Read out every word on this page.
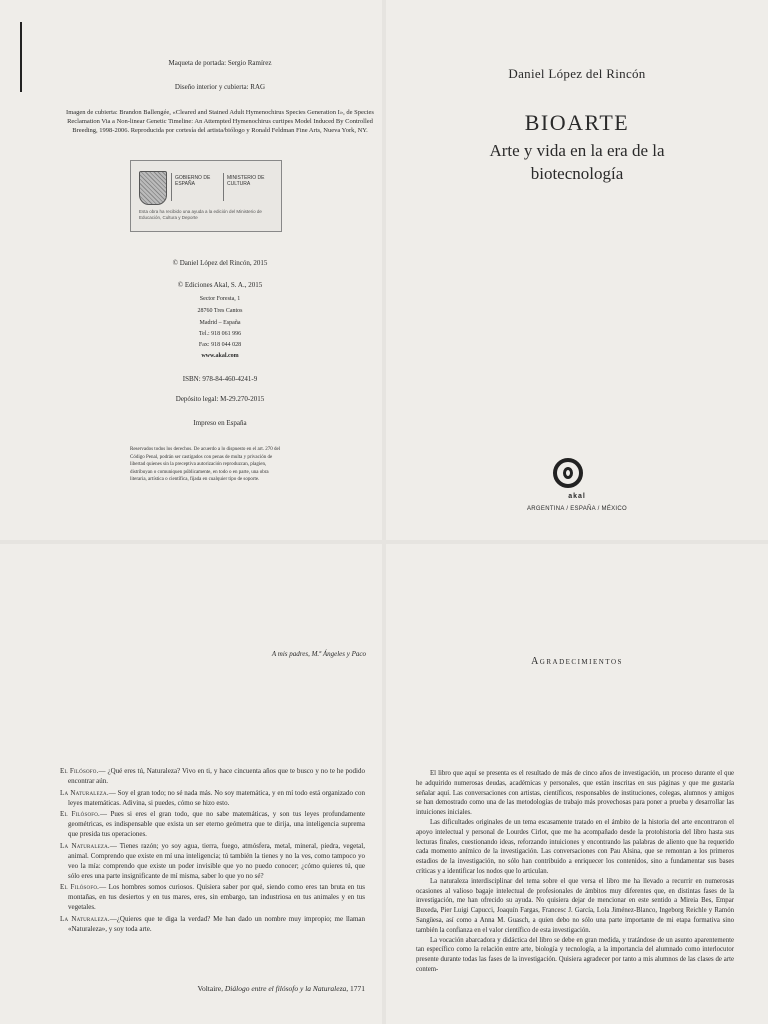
Maqueta de portada: Sergio Ramírez
Diseño interior y cubierta: RAG
Imagen de cubierta: Brandon Ballengée, «Cleared and Stained Adult Hymenochirus Species Generation I», de Species Reclamation Via a Non-linear Genetic Timeline: An Attempted Hymenochirus curtipes Model Induced By Controlled Breeding, 1998-2006. Reproducida por cortesía del artista/biólogo y Ronald Feldman Fine Arts, Nueva York, NY.
GOBIERNO DE ESPAÑA
MINISTERIO DE CULTURA
Esta obra ha recibido una ayuda a la edición del Ministerio de Educación, Cultura y Deporte
© Daniel López del Rincón, 2015
© Ediciones Akal, S. A., 2015
Sector Foresta, 1
28760 Tres Cantos
Madrid – España
Tel.: 918 061 996
Fax: 918 044 028
www.akal.com
ISBN: 978-84-460-4241-9
Depósito legal: M-29.270-2015
Impreso en España
Reservados todos los derechos. De acuerdo a lo dispuesto en el art. 270 del Código Penal, podrán ser castigados con penas de multa y privación de libertad quienes sin la preceptiva autorización reproduzcan, plagien, distribuyan o comuniquen públicamente, en todo o en parte, una obra literaria, artística o científica, fijada en cualquier tipo de soporte.
Daniel López del Rincón
BIOARTE
Arte y vida en la era de la
biotecnología
akal
ARGENTINA / ESPAÑA / MÉXICO
A mis padres, M.ª Ángeles y Paco

El Filósofo.— ¿Qué eres tú, Naturaleza? Vivo en ti, y hace cincuenta años que te busco y no te he podido encontrar aún.

La Naturaleza.— Soy el gran todo; no sé nada más. No soy matemática, y en mí todo está organizado con leyes matemáticas. Adivina, si puedes, cómo se hizo esto.

El Filósofo.— Pues si eres el gran todo, que no sabe matemáticas, y son tus leyes profundamente geométricas, es indispensable que exista un ser eterno geómetra que te dirija, una inteligencia suprema que presida tus operaciones.

La Naturaleza.— Tienes razón; yo soy agua, tierra, fuego, atmósfera, metal, mineral, piedra, vegetal, animal. Comprendo que existe en mí una inteligencia; tú también la tienes y no la ves, como tampoco yo veo la mía: comprendo que existe un poder invisible que yo no puedo conocer; ¿cómo quieres tú, que sólo eres una parte insignificante de mí misma, saber lo que yo no sé?

El Filósofo.— Los hombres somos curiosos. Quisiera saber por qué, siendo como eres tan bruta en tus montañas, en tus desiertos y en tus mares, eres, sin embargo, tan industriosa en tus animales y en tus vegetales.

La Naturaleza.—¿Quieres que te diga la verdad? Me han dado un nombre muy impropio; me llaman «Naturaleza», y soy toda arte.

Voltaire, Diálogo entre el filósofo y la Naturaleza, 1771
Agradecimientos

El libro que aquí se presenta es el resultado de más de cinco años de investigación, un proceso durante el que he adquirido numerosas deudas, académicas y personales, que están inscritas en sus páginas y que me gustaría señalar aquí. Las conversaciones con artistas, científicos, responsables de instituciones, colegas, alumnos y amigos se han demostrado como una de las metodologías de trabajo más provechosas para poner a prueba y desarrollar las intuiciones iniciales.

Las dificultades originales de un tema escasamente tratado en el ámbito de la historia del arte encontraron el apoyo intelectual y personal de Lourdes Cirlot, que me ha acompañado desde la protohistoria del libro hasta sus lecturas finales, cuestionando ideas, reforzando intuiciones y encontrando las palabras de aliento que ha requerido cada momento anímico de la investigación. Las conversaciones con Pau Alsina, que se remontan a los primeros estadios de la investigación, no sólo han contribuido a enriquecer los contenidos, sino a fundamentar sus bases críticas y a identificar los nodos que lo articulan.

La naturaleza interdisciplinar del tema sobre el que versa el libro me ha llevado a recurrir en numerosas ocasiones al valioso bagaje intelectual de profesionales de ámbitos muy diferentes que, en distintas fases de la investigación, me han ofrecido su ayuda. No quisiera dejar de mencionar en este sentido a Mireia Bes, Empar Buxeda, Pier Luigi Capucci, Joaquín Fargas, Francesc J. García, Lola Jiménez-Blanco, Ingeborg Reichle y Ramón Sangüesa, así como a Anna M. Guasch, a quien debo no sólo una parte importante de mi etapa formativa sino también la confianza en el valor científico de esta investigación.

La vocación abarcadora y didáctica del libro se debe en gran medida, y tratándose de un asunto aparentemente tan específico como la relación entre arte, biología y tecnología, a la importancia del alumnado como interlocutor presente durante todas las fases de la investigación. Quisiera agradecer por tanto a mis alumnos de las clases de arte contem-
